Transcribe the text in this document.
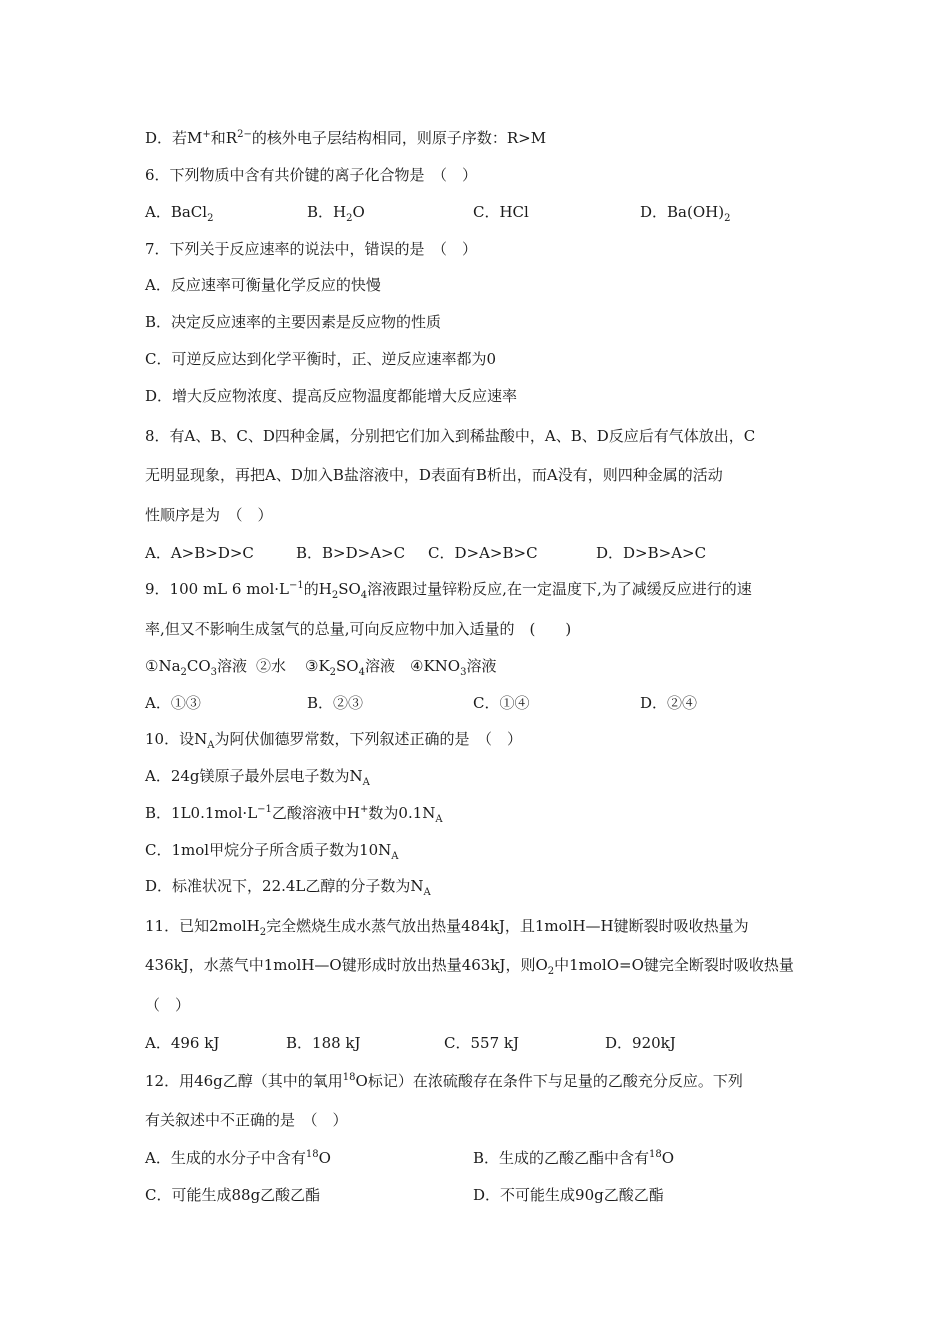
D．若M+和$R^{2-}$的核外电子层结构相同，则原子序数：R>M
6．下列物质中含有共价键的离子化合物是　（　）
A．BaCl$_2$	B．$H_2O$	C．HCl	D．$Ba(OH)_2$
7．下列关于反应速率的说法中，错误的是　（　）
A．反应速率可衡量化学反应的快慢
B．决定反应速率的主要因素是反应物的性质
C．可逆反应达到化学平衡时，正、逆反应速率都为0
D．增大反应物浓度、提高反应物温度都能增大反应速率
8．有A、B、C、D四种金属，分别把它们加入到稀盐酸中，A、B、D反应后有气体放出，C
无明显现象，再把A、D加入B盐溶液中，D表面有B析出，而A没有，则四种金属的活动
性顺序是为　（　）
A．A>B>D>C	B．B>D>A>C C．D>A>B>C	D．D>B>A>C
9．100 mL 6 $mol\cdot L^{-1}$的$H_2SO_4$溶液跟过量锌粉反应,在一定温度下,为了减缓反应进行的速
率,但又不影响生成氢气的总量,可向反应物中加入适量的　(　　)
$①Na_2CO_3$溶液 ②水 $③K_2SO_4$溶液 $④KNO_3$溶液
A．①③	B．②③	C．①④	D．②④
10．设$N_A$为阿伏伽德罗常数，下列叙述正确的是　（　）
A．24g镁原子最外层电子数为$N_A$
B．$1L0.1mol\cdot L^{-1}$乙酸溶液中H+数为$0.1N_A$
C．1mol甲烷分子所含质子数为$10N_A$
D．标准状况下，22.4L乙醇的分子数为$N_A$
11．已知2molH$_2$完全燃烧生成水蒸气放出热量484kJ，且1molH—H键断裂时吸收热量为
436kJ，水蒸气中1molH—O键形成时放出热量463kJ，则$O_2$中1molO=O键完全断裂时吸收热量
（　）
A．496 kJ	B．188 kJ	C．557 kJ	D．920kJ
12．用46g乙醇（其中的氧用$^{18}$O标记）在浓硫酸存在条件下与足量的乙酸充分反应。下列
有关叙述中不正确的是　（　）
A．生成的水分子中含有$^{18}$O	B．生成的乙酸乙酯中含有$^{18}$O
C．可能生成88g乙酸乙酯	D．不可能生成90g乙酸乙酯
